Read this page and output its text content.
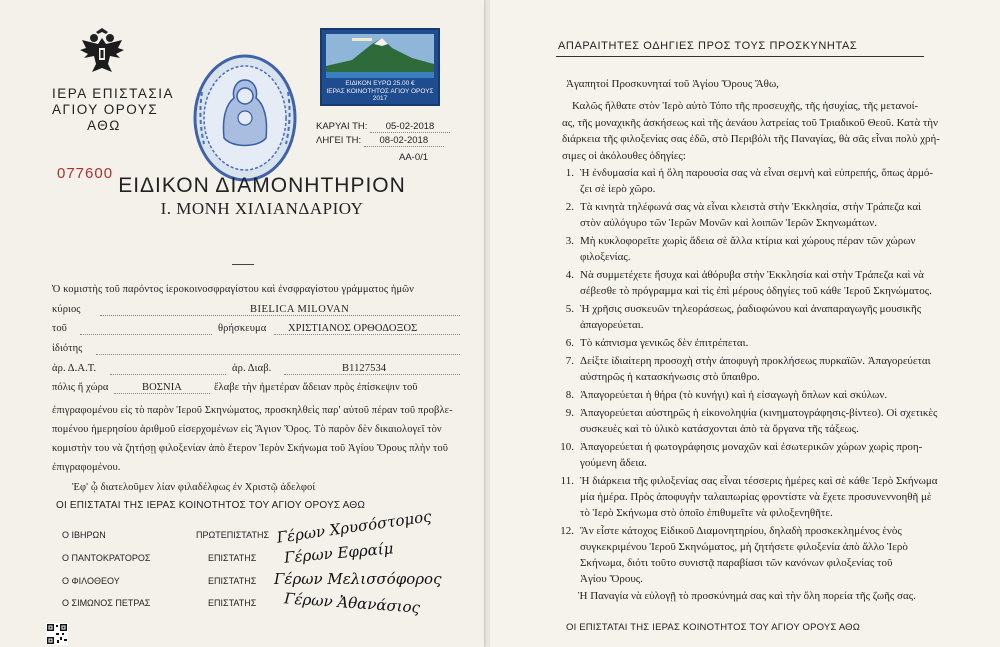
ΙΕΡΑ ΕΠΙΣΤΑΣΙΑ
ΑΓΙΟΥ ΟΡΟΥΣ
ΑΘΩ
ΕΙΔΙΚΟΝ ΕΥΡΩ 25.00 €
ΙΕΡΑΣ ΚΟΙΝΟΤΗΤΟΣ ΑΓΙΟΥ ΟΡΟΥΣ
2017
ΚΑΡΥΑΙ ΤΗ: 05-02-2018
ΛΗΓΕΙ ΤΗ: 08-02-2018
ΑΑ-0/1
077600
ΕΙΔΙΚΟΝ ΔΙΑΜΟΝΗΤΗΡΙΟΝ
Ι. ΜΟΝΗ ΧΙΛΙΑΝΔΑΡΙΟΥ
Ὁ κομιστὴς τοῦ παρόντος ἱεροκοινοσφραγίστου καὶ ἐνσφραγίστου γράμματος ἡμῶν
κύριος	BIELICA MILOVAN
τοῦ	θρήσκευμα	ΧΡΙΣΤΙΑΝΟΣ ΟΡΘΟΔΟΞΟΣ
ἰδιότης
ἀρ. Δ.Α.Τ.	ἀρ. Διαβ.	B1127534
πόλις ἤ χώρα	ΒΟΣΝΙΑ	ἔλαβε τὴν ἡμετέραν ἄδειαν πρὸς ἐπίσκεψιν τοῦ
ἐπιγραφομένου εἰς τὸ παρὸν Ἱεροῦ Σκηνώματος, προσκηλθεὶς παρ' αὐτοῦ πέραν τοῦ προβλε-
πομένου ἡμερησίου ἀριθμοῦ εἰσερχομένων εἰς Ἅγιον Ὄρος. Τὸ παρὸν δὲν δικαιολογεῖ τὸν
κομιστὴν του νὰ ζητήσῃ φιλοξενίαν ἀπὸ ἕτερον Ἱερὸν Σκήνωμα τοῦ Ἁγίου Ὄρους πλὴν τοῦ
ἐπιγραφομένου.
Ἐφ' ᾧ διατελοῦμεν λίαν φιλαδέλφως ἐν Χριστῷ ἀδελφοί
ΟΙ ΕΠΙΣΤΑΤΑΙ ΤΗΣ ΙΕΡΑΣ ΚΟΙΝΟΤΗΤΟΣ ΤΟΥ ΑΓΙΟΥ ΟΡΟΥΣ ΑΘΩ
Ο ΙΒΗΡΩΝ	ΠΡΩΤΕΠΙΣΤΑΤΗΣ Γέρων Χρυσόστομος
Ο ΠΑΝΤΟΚΡΑΤΟΡΟΣ	ΕΠΙΣΤΑΤΗΣ Γέρων Εφραίμ
Ο ΦΙΛΟΘΕΟΥ	ΕΠΙΣΤΑΤΗΣ Γέρων Μελισσόφορος
Ο ΣΙΜΩΝΟΣ ΠΕΤΡΑΣ	ΕΠΙΣΤΑΤΗΣ Γέρων Ἀθανάσιος
ΑΠΑΡΑΙΤΗΤΕΣ ΟΔΗΓΙΕΣ ΠΡΟΣ ΤΟΥΣ ΠΡΟΣΚΥΝΗΤΑΣ
Ἀγαπητοί Προσκυνηταί τοῦ Ἁγίου Ὄρους Ἄθω,
Καλῶς ἤλθατε στὸν Ἱερὸ αὐτὸ Τόπο τῆς προσευχῆς, τῆς ἡσυχίας, τῆς μετανοί-
ας, τῆς μοναχικῆς ἀσκήσεως καὶ τῆς ἀενάου λατρείας τοῦ Τριαδικοῦ Θεοῦ. Κατὰ τὴν
διάρκεια τῆς φιλοξενίας σας ἐδῶ, στὸ Περιβόλι τῆς Παναγίας, θὰ σᾶς εἶναι πολὺ χρή-
σιμες οἱ ἀκόλουθες ὁδηγίες:
1. Ἡ ἐνδυμασία καὶ ἡ ὅλη παρουσία σας νὰ εἶναι σεμνὴ καὶ εὐπρεπής, ὅπως ἁρμό-
ζει σὲ ἱερὸ χῶρο.
2. Τὰ κινητὰ τηλέφωνά σας νὰ εἶναι κλειστὰ στὴν Ἐκκλησία, στὴν Τράπεζα καὶ
στὸν αὐλόγυρο τῶν Ἱερῶν Μονῶν καὶ λοιπῶν Ἱερῶν Σκηνωμάτων.
3. Μὴ κυκλοφορεῖτε χωρὶς ἄδεια σὲ ἄλλα κτίρια καὶ χώρους πέραν τῶν χώρων
φιλοξενίας.
4. Νὰ συμμετέχετε ἥσυχα καὶ ἀθόρυβα στὴν Ἐκκλησία καὶ στὴν Τράπεζα καὶ νὰ
σέβεσθε τὸ πρόγραμμα καὶ τὶς ἐπὶ μέρους ὁδηγίες τοῦ κάθε Ἱεροῦ Σκηνώματος.
5. Ἡ χρῆσις συσκευῶν τηλεοράσεως, ῥαδιοφώνου καὶ ἀναπαραγωγῆς μουσικῆς
ἀπαγορεύεται.
6. Τὸ κάπνισμα γενικῶς δὲν ἐπιτρέπεται.
7. Δείξτε ἰδιαίτερη προσοχὴ στὴν ἀποφυγὴ προκλήσεως πυρκαϊῶν. Ἀπαγορεύεται
αὐστηρῶς ἡ κατασκήνωσις στὸ ὕπαιθρο.
8. Ἀπαγορεύεται ἡ θήρα (τὸ κυνήγι) καὶ ἡ εἰσαγωγὴ ὅπλων καὶ σκύλων.
9. Ἀπαγορεύεται αὐστηρῶς ἡ εἰκονοληψία (κινηματογράφησις-βίντεο). Οἱ σχετικὲς
συσκευὲς καὶ τὸ ὑλικὸ κατάσχονται ἀπὸ τὰ ὄργανα τῆς τάξεως.
10. Ἀπαγορεύεται ἡ φωτογράφησις μοναχῶν καὶ ἐσωτερικῶν χώρων χωρὶς προη-
γούμενη ἄδεια.
11. Ἡ διάρκεια τῆς φιλοξενίας σας εἶναι τέσσερις ἡμέρες καὶ σὲ κάθε Ἱερὸ Σκήνωμα
μία ἡμέρα. Πρὸς ἀποφυγὴν ταλαιπωρίας φροντίστε νὰ ἔχετε προσυνεννοηθῆ μὲ
τὸ Ἱερὸ Σκήνωμα στὸ ὁποῖο ἐπιθυμεῖτε νὰ φιλοξενηθῆτε.
12. Ἂν εἶστε κάτοχος Εἰδικοῦ Διαμονητηρίου, δηλαδὴ προσκεκλημένος ἑνὸς
συγκεκριμένου Ἱεροῦ Σκηνώματος, μὴ ζητήσετε φιλοξενία ἀπὸ ἄλλο Ἱερὸ
Σκήνωμα, διότι τοῦτο συνιστᾷ παραβίασι τῶν κανόνων φιλοξενίας τοῦ
Ἁγίου Ὄρους.
Ἡ Παναγία νὰ εὐλογῇ τὸ προσκύνημά σας καὶ τὴν ὅλη πορεία τῆς ζωῆς σας.
ΟΙ ΕΠΙΣΤΑΤΑΙ ΤΗΣ ΙΕΡΑΣ ΚΟΙΝΟΤΗΤΟΣ ΤΟΥ ΑΓΙΟΥ ΟΡΟΥΣ ΑΘΩ
